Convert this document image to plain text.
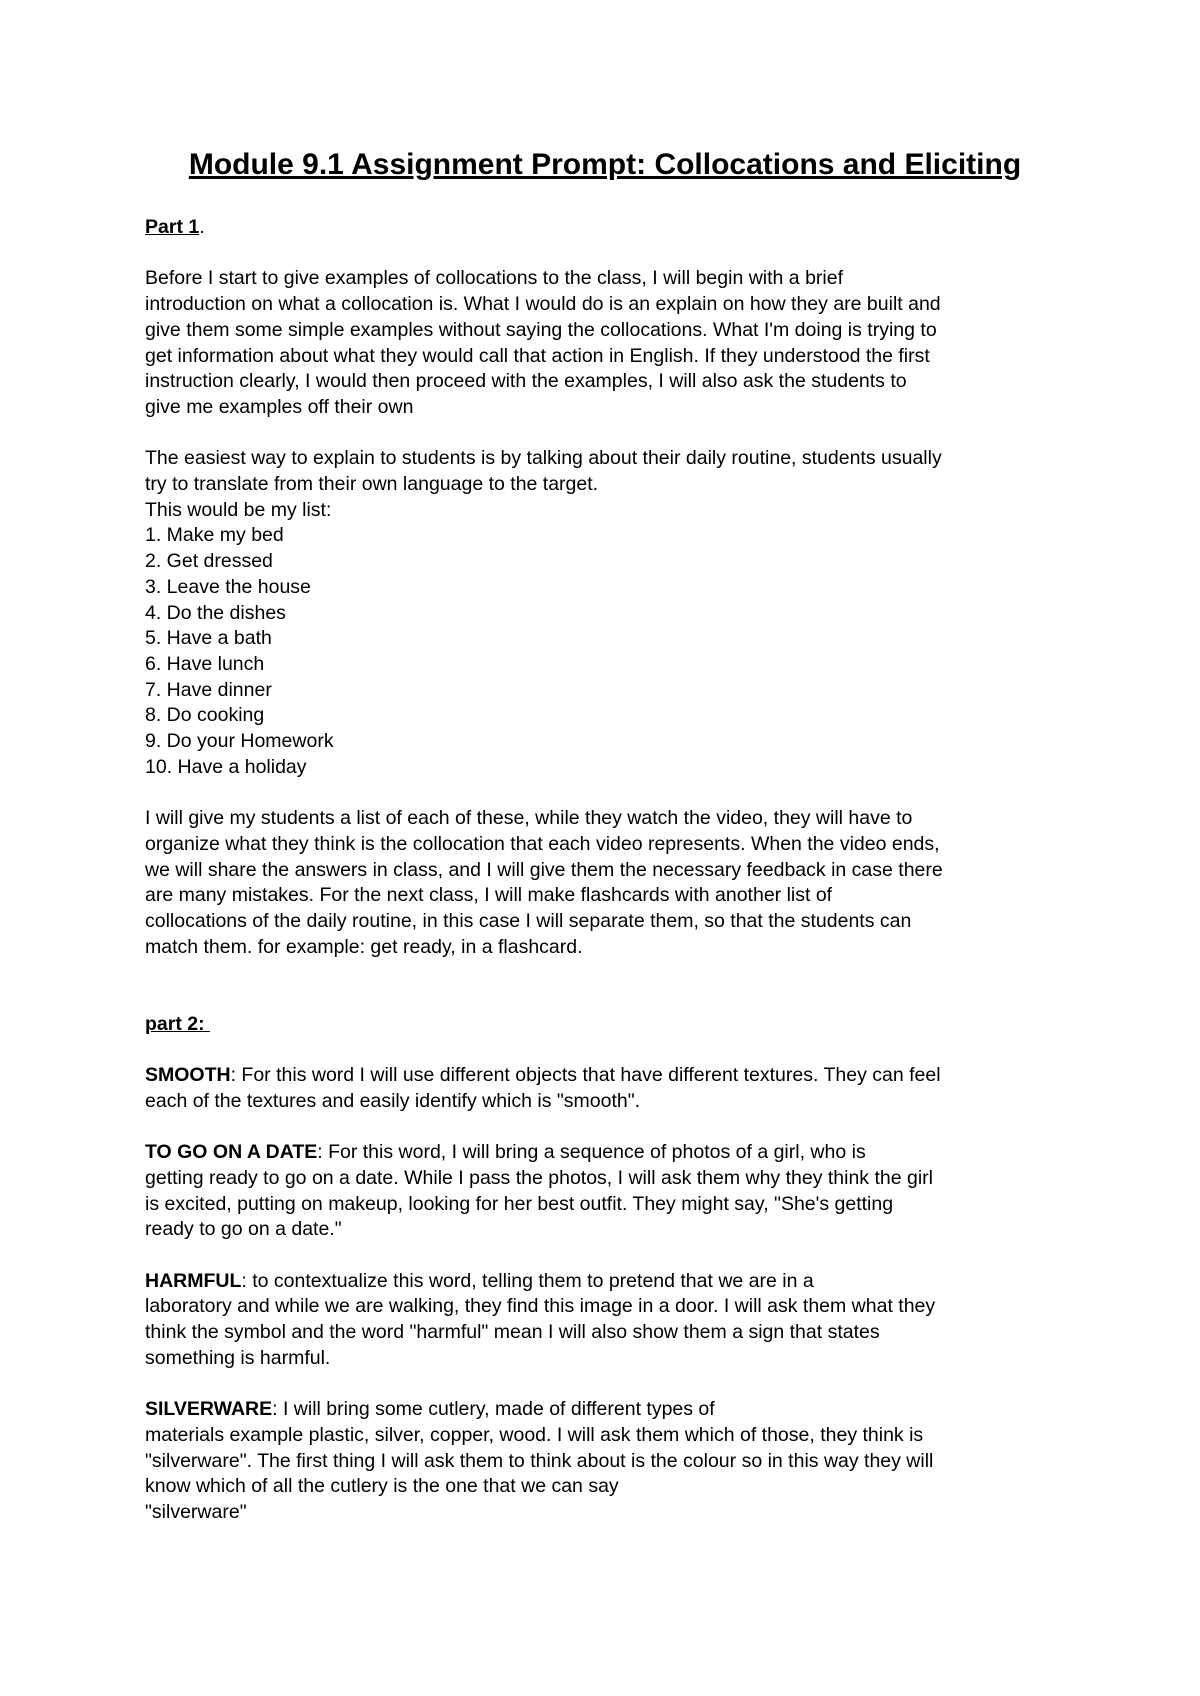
Module 9.1 Assignment Prompt: Collocations and Eliciting
Part 1.

Before I start to give examples of collocations to the class, I will begin with a brief
introduction on what a collocation is. What I would do is an explain on how they are built and
give them some simple examples without saying the collocations. What I'm doing is trying to
get information about what they would call that action in English. If they understood the first
instruction clearly, I would then proceed with the examples, I will also ask the students to
give me examples off their own

The easiest way to explain to students is by talking about their daily routine, students usually
try to translate from their own language to the target.
This would be my list:
1. Make my bed
2. Get dressed
3. Leave the house
4. Do the dishes
5. Have a bath
6. Have lunch
7. Have dinner
8. Do cooking
9. Do your Homework
10. Have a holiday

I will give my students a list of each of these, while they watch the video, they will have to
organize what they think is the collocation that each video represents. When the video ends,
we will share the answers in class, and I will give them the necessary feedback in case there
are many mistakes. For the next class, I will make flashcards with another list of
collocations of the daily routine, in this case I will separate them, so that the students can
match them. for example: get ready, in a flashcard.

part 2:

SMOOTH: For this word I will use different objects that have different textures. They can feel
each of the textures and easily identify which is "smooth".

TO GO ON A DATE: For this word, I will bring a sequence of photos of a girl, who is
getting ready to go on a date. While I pass the photos, I will ask them why they think the girl
is excited, putting on makeup, looking for her best outfit. They might say, "She's getting
ready to go on a date."

HARMFUL: to contextualize this word, telling them to pretend that we are in a
laboratory and while we are walking, they find this image in a door. I will ask them what they
think the symbol and the word "harmful" mean I will also show them a sign that states
something is harmful.

SILVERWARE: I will bring some cutlery, made of different types of
materials example plastic, silver, copper, wood. I will ask them which of those, they think is
"silverware". The first thing I will ask them to think about is the colour so in this way they will
know which of all the cutlery is the one that we can say
"silverware"
